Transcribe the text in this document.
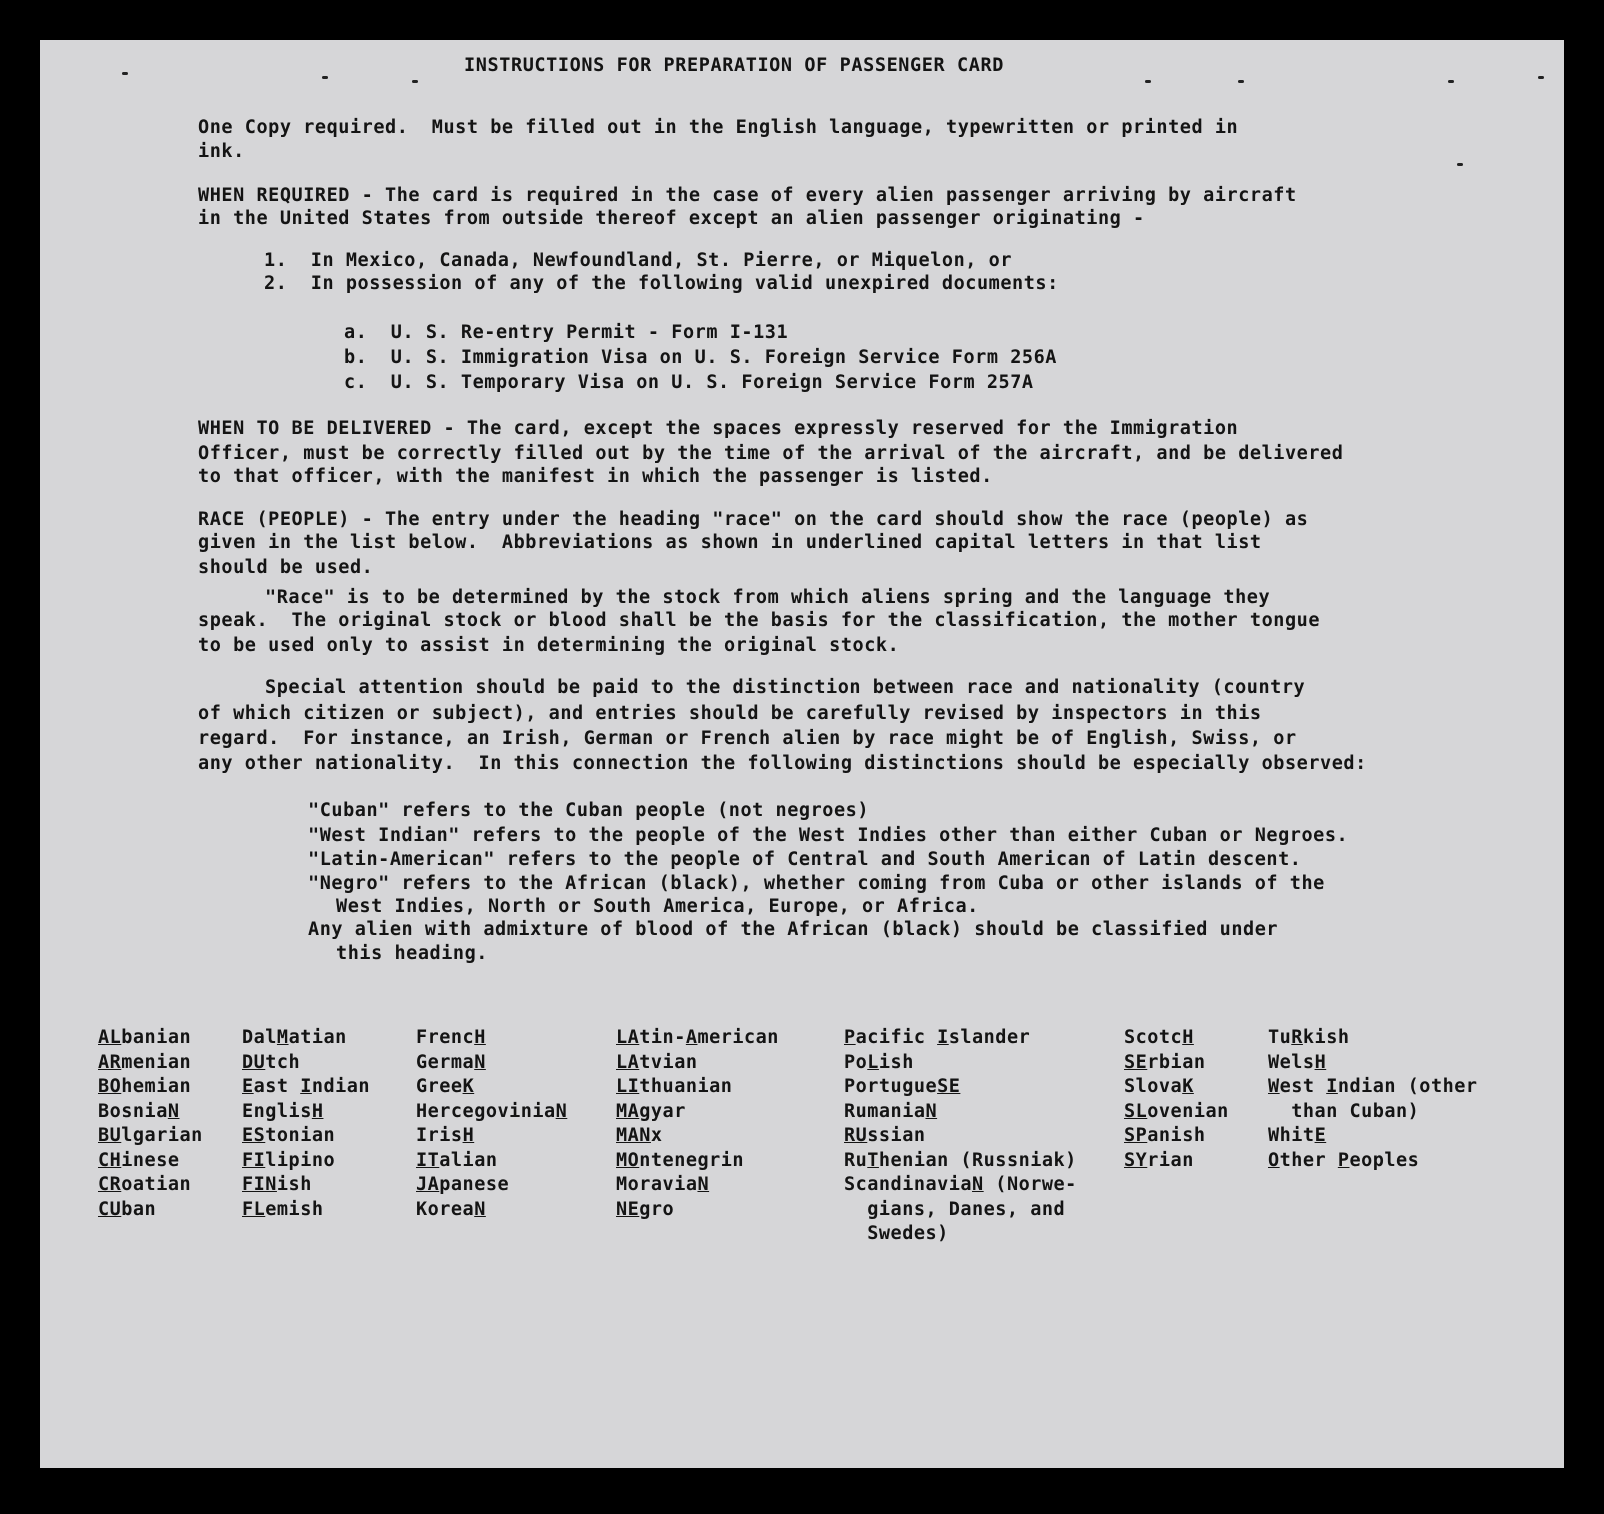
INSTRUCTIONS FOR PREPARATION OF PASSENGER CARD
One Copy required.  Must be filled out in the English language, typewritten or printed in
ink.
WHEN REQUIRED - The card is required in the case of every alien passenger arriving by aircraft
in the United States from outside thereof except an alien passenger originating -
1.  In Mexico, Canada, Newfoundland, St. Pierre, or Miquelon, or
2.  In possession of any of the following valid unexpired documents:
a.  U. S. Re-entry Permit - Form I-131
b.  U. S. Immigration Visa on U. S. Foreign Service Form 256A
c.  U. S. Temporary Visa on U. S. Foreign Service Form 257A
WHEN TO BE DELIVERED - The card, except the spaces expressly reserved for the Immigration
Officer, must be correctly filled out by the time of the arrival of the aircraft, and be delivered
to that officer, with the manifest in which the passenger is listed.
RACE (PEOPLE) - The entry under the heading "race" on the card should show the race (people) as
given in the list below.  Abbreviations as shown in underlined capital letters in that list
should be used.
"Race" is to be determined by the stock from which aliens spring and the language they
speak.  The original stock or blood shall be the basis for the classification, the mother tongue
to be used only to assist in determining the original stock.
Special attention should be paid to the distinction between race and nationality (country
of which citizen or subject), and entries should be carefully revised by inspectors in this
regard.  For instance, an Irish, German or French alien by race might be of English, Swiss, or
any other nationality.  In this connection the following distinctions should be especially observed:
"Cuban" refers to the Cuban people (not negroes)
"West Indian" refers to the people of the West Indies other than either Cuban or Negroes.
"Latin-American" refers to the people of Central and South American of Latin descent.
"Negro" refers to the African (black), whether coming from Cuba or other islands of the
West Indies, North or South America, Europe, or Africa.
Any alien with admixture of blood of the African (black) should be classified under
this heading.
ALbanian
ARmenian
BOhemian
BosniaN
BUlgarian
CHinese
CRoatian
CUban
DalMatian
DUtch
East Indian
EnglisH
EStonian
FIlipino
FINish
FLemish
FrencH
GermaN
GreeK
HercegoviniaN
IrisH
ITalian
JApanese
KoreaN
LAtin-American
LAtvian
LIthuanian
MAgyar
MANx
MOntenegrin
MoraviaN
NEgro
Pacific Islander
PoLish
PortugueSE
RumaniaN
RUssian
RuThenian (Russniak)
ScandinaviaN (Norwe-
gians, Danes, and
Swedes)
ScotcH
SErbian
SlovaK
SLovenian
SPanish
SYrian
TuRkish
WelsH
West Indian (other
than Cuban)
WhitE
Other Peoples
